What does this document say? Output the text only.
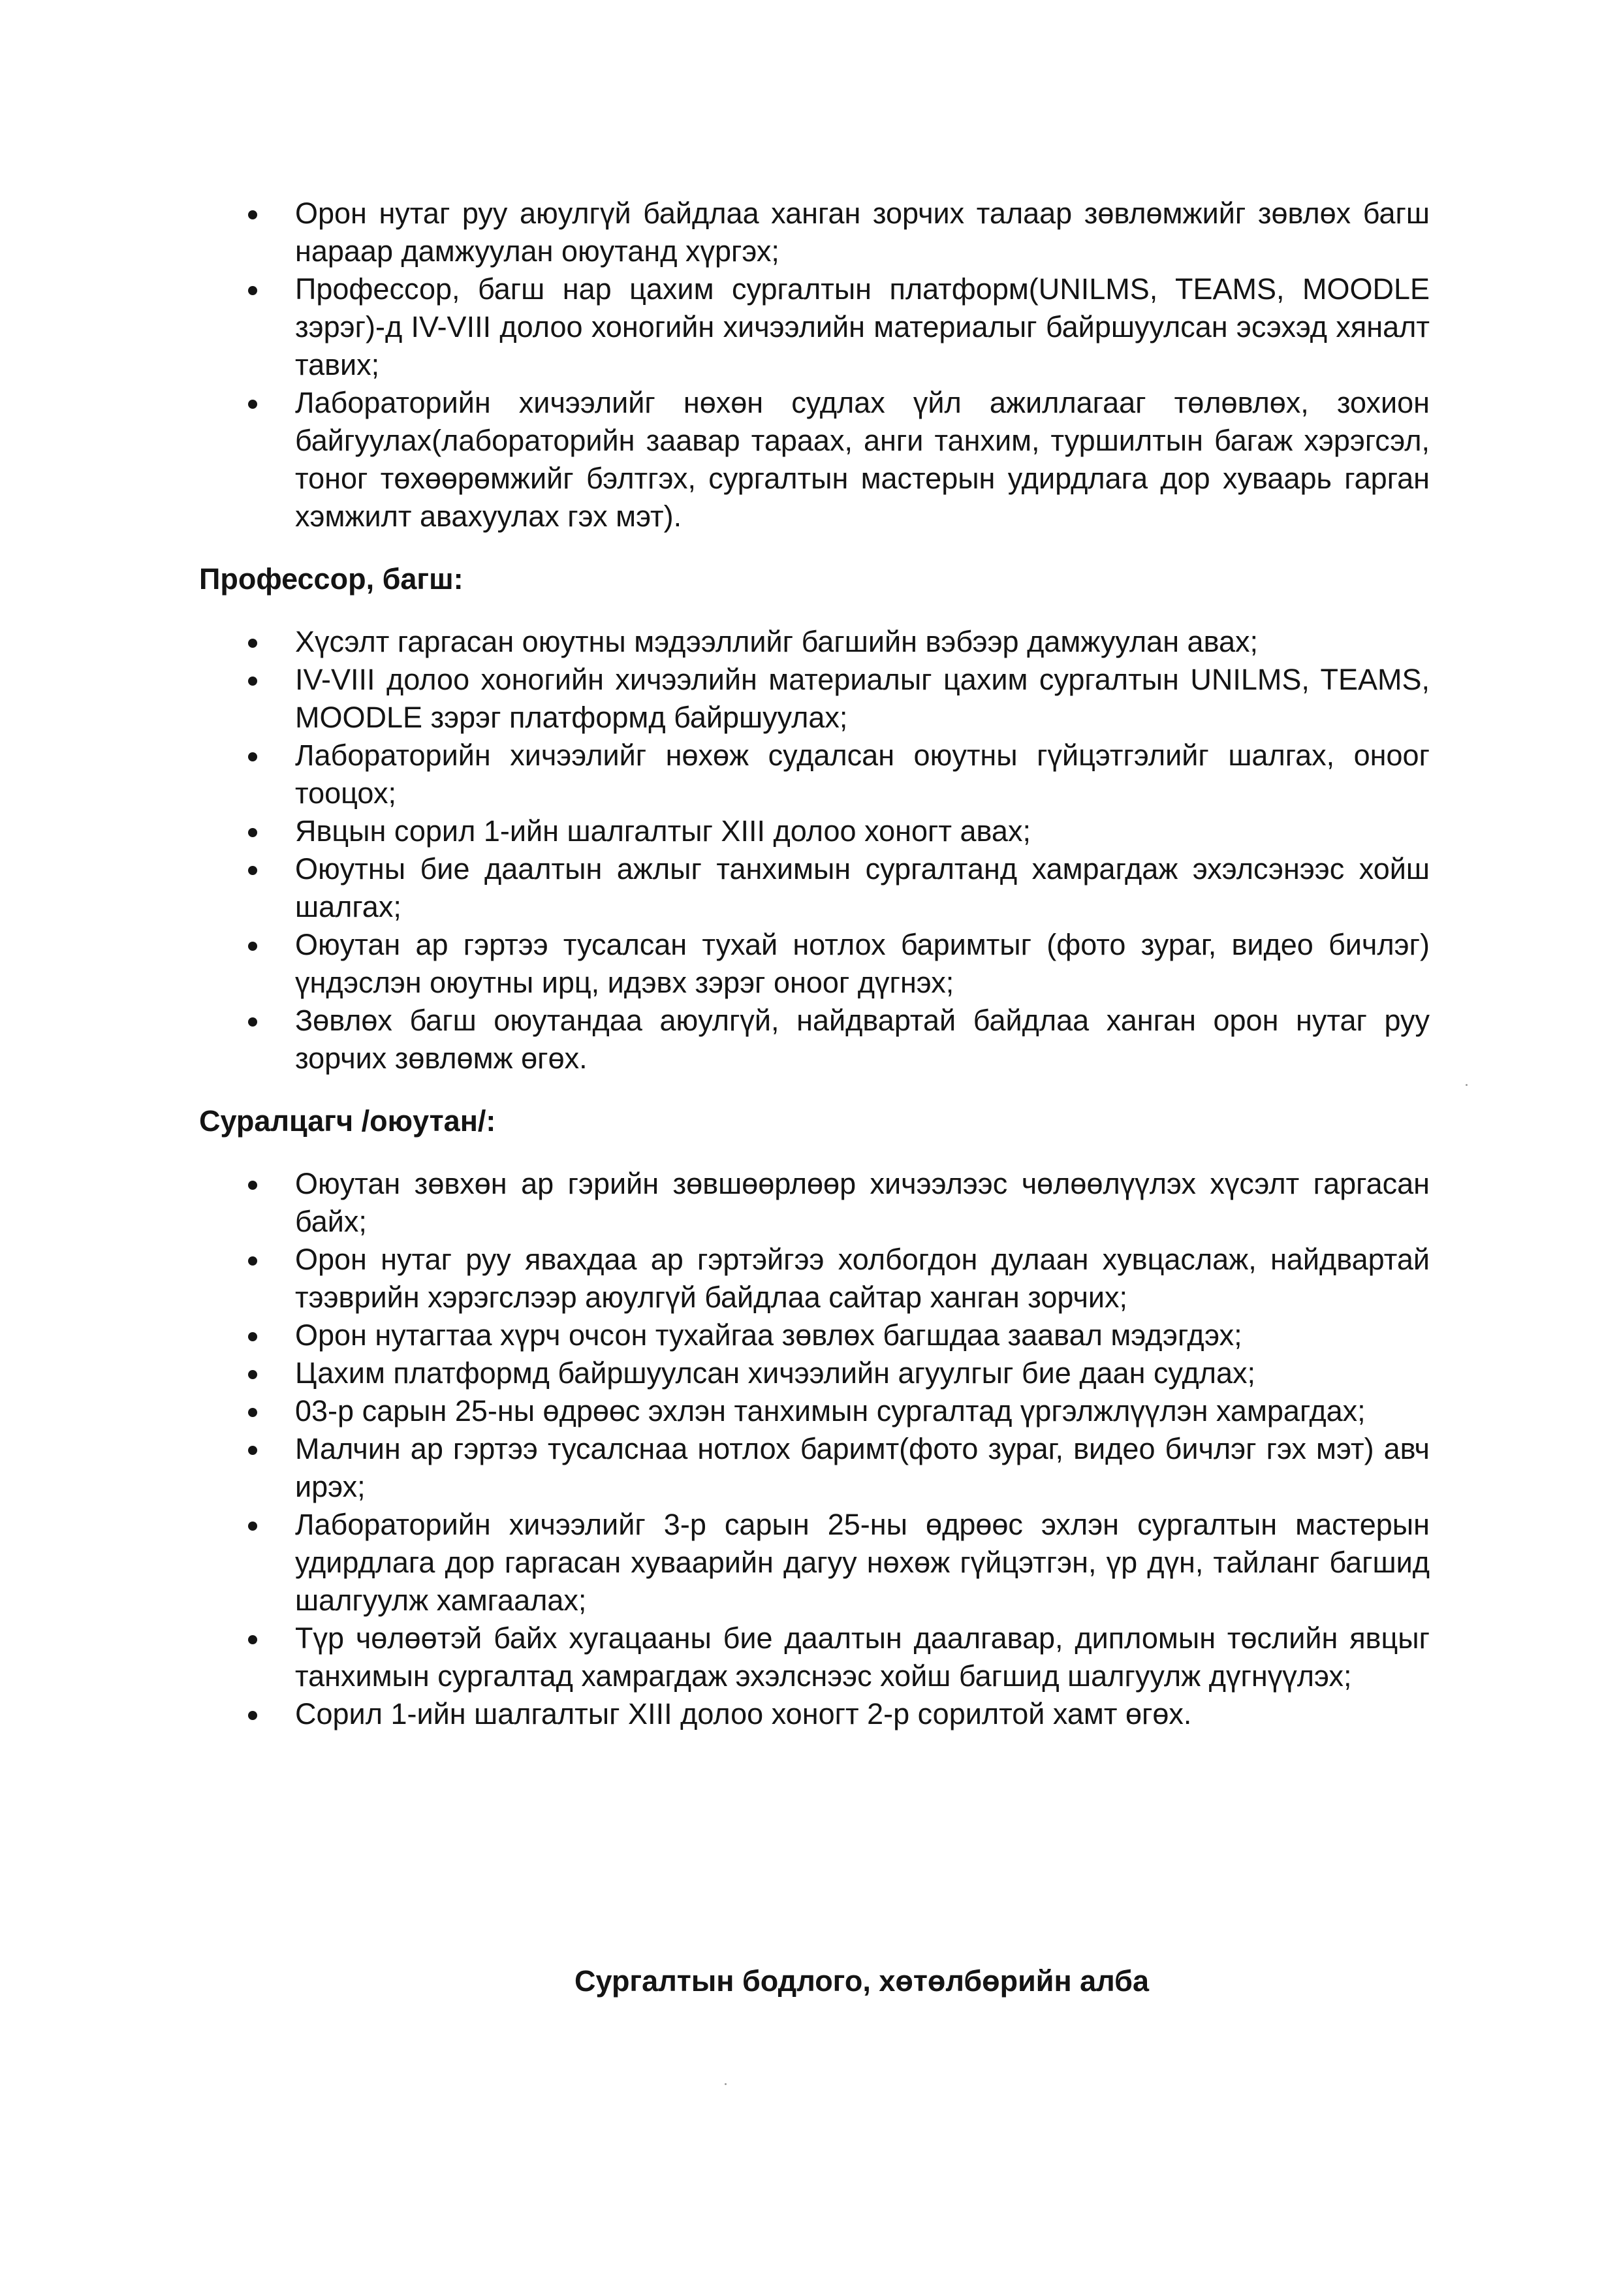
Орон нутаг руу аюулгүй байдлаа ханган зорчих талаар зөвлөмжийг зөвлөх багш нараар дамжуулан оюутанд хүргэх;
Профессор, багш нар цахим сургалтын платформ(UNILMS, TEAMS, MOODLE зэрэг)-д IV-VIII долоо хоногийн хичээлийн материалыг байршуулсан эсэхэд хяналт тавих;
Лабораторийн хичээлийг нөхөн судлах үйл ажиллагааг төлөвлөх, зохион байгуулах(лабораторийн заавар тараах, анги танхим, туршилтын багаж хэрэгсэл, тоног төхөөрөмжийг бэлтгэх, сургалтын мастерын удирдлага дор хуваарь гарган хэмжилт авахуулах гэх мэт).

Профессор, багш:

Хүсэлт гаргасан оюутны мэдээллийг багшийн вэбээр дамжуулан авах;
IV-VIII долоо хоногийн хичээлийн материалыг цахим сургалтын UNILMS, TEAMS, MOODLE зэрэг платформд байршуулах;
Лабораторийн хичээлийг нөхөж судалсан оюутны гүйцэтгэлийг шалгах, оноог тооцох;
Явцын сорил 1-ийн шалгалтыг XIII долоо хоногт авах;
Оюутны бие даалтын ажлыг танхимын сургалтанд хамрагдаж эхэлсэнээс хойш шалгах;
Оюутан ар гэртээ тусалсан тухай нотлох баримтыг (фото зураг, видео бичлэг) үндэслэн оюутны ирц, идэвх зэрэг оноог дүгнэх;
Зөвлөх багш оюутандаа аюулгүй, найдвартай байдлаа ханган орон нутаг руу зорчих зөвлөмж өгөх.

Суралцагч /оюутан/:

Оюутан зөвхөн ар гэрийн зөвшөөрлөөр хичээлээс чөлөөлүүлэх хүсэлт гаргасан байх;
Орон нутаг руу явахдаа ар гэртэйгээ холбогдон дулаан хувцаслаж, найдвартай тээврийн хэрэгслээр аюулгүй байдлаа сайтар ханган зорчих;
Орон нутагтаа хүрч очсон тухайгаа зөвлөх багшдаа заавал мэдэгдэх;
Цахим платформд байршуулсан хичээлийн агуулгыг бие даан судлах;
03-р сарын 25-ны өдрөөс эхлэн танхимын сургалтад үргэлжлүүлэн хамрагдах;
Малчин ар гэртээ тусалснаа нотлох баримт(фото зураг, видео бичлэг гэх мэт) авч ирэх;
Лабораторийн хичээлийг 3-р сарын 25-ны өдрөөс эхлэн сургалтын мастерын удирдлага дор гаргасан хуваарийн дагуу нөхөж гүйцэтгэн, үр дүн, тайланг багшид шалгуулж хамгаалах;
Түр чөлөөтэй байх хугацааны бие даалтын даалгавар, дипломын төслийн явцыг танхимын сургалтад хамрагдаж эхэлснээс хойш багшид шалгуулж дүгнүүлэх;
Сорил 1-ийн шалгалтыг XIII долоо хоногт 2-р сорилтой хамт өгөх.
Сургалтын бодлого, хөтөлбөрийн алба
